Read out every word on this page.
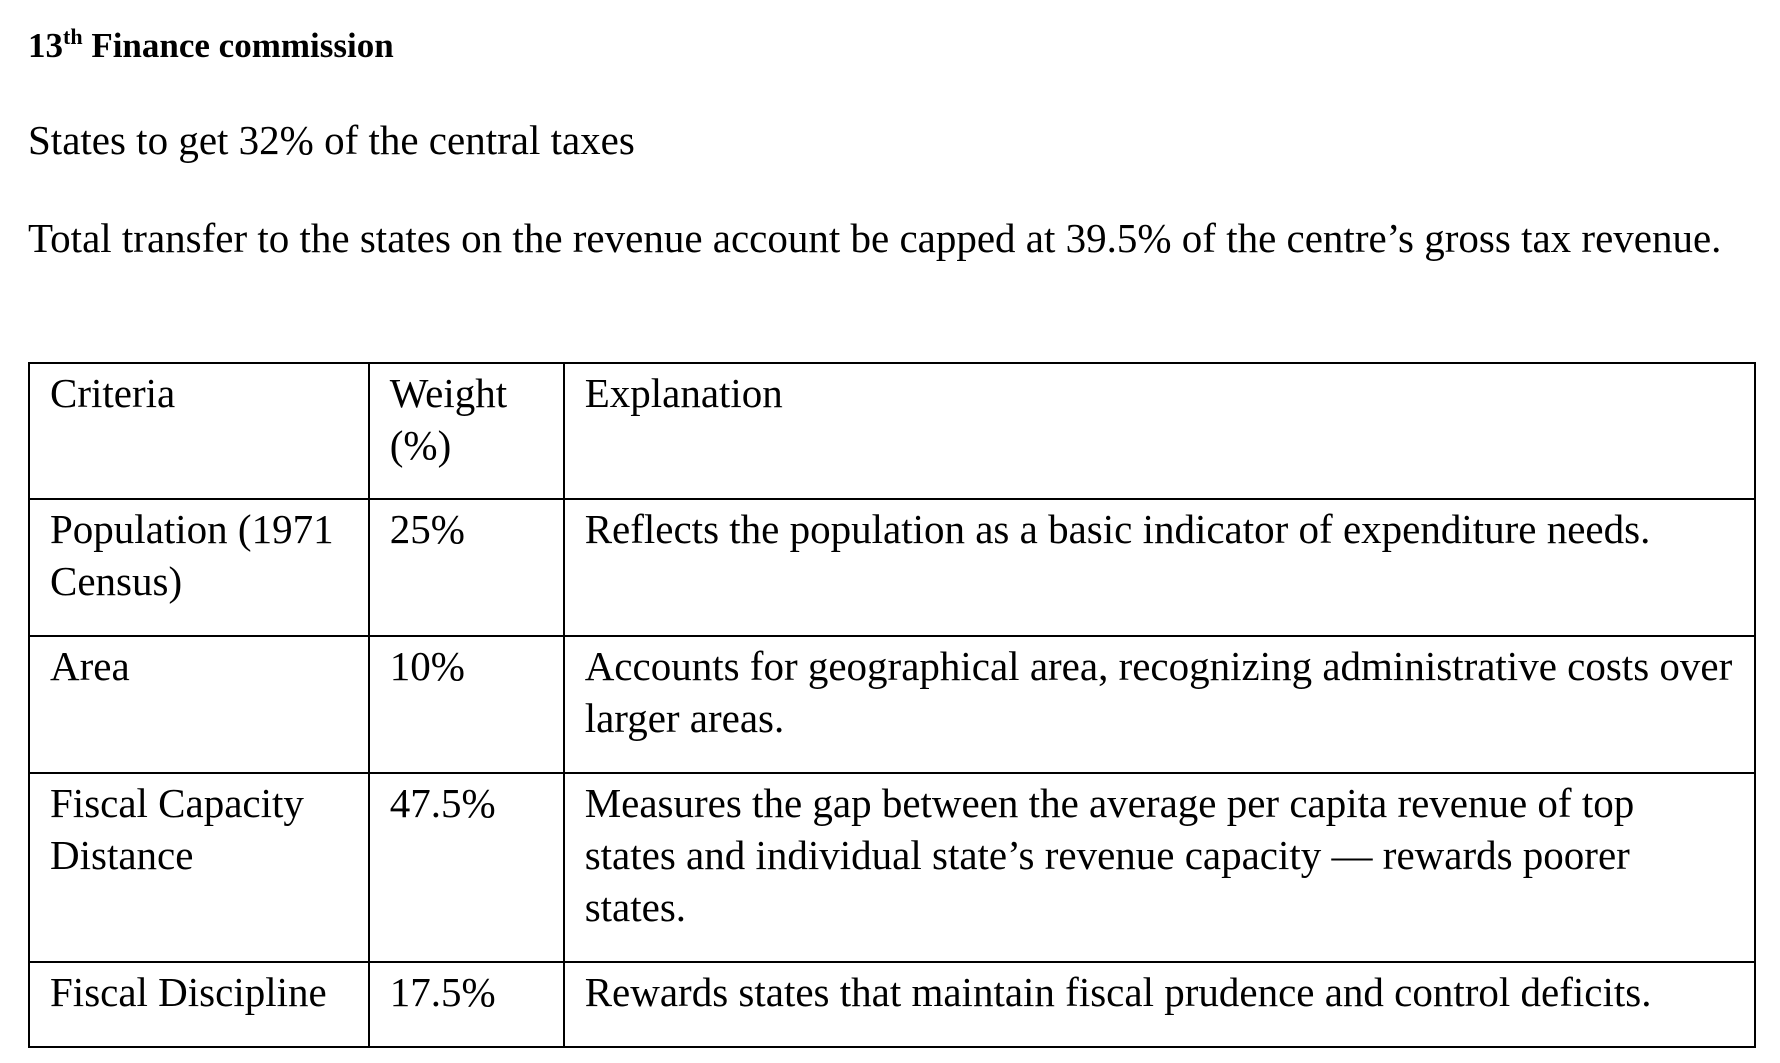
13th Finance commission
States to get 32% of the central taxes
Total transfer to the states on the revenue account be capped at 39.5% of the centre’s gross tax revenue.
Criteria	Weight (%)	Explanation
Population (1971 Census)	25%	Reflects the population as a basic indicator of expenditure needs.
Area	10%	Accounts for geographical area, recognizing administrative costs over larger areas.
Fiscal Capacity Distance	47.5%	Measures the gap between the average per capita revenue of top states and individual state’s revenue capacity — rewards poorer states.
Fiscal Discipline	17.5%	Rewards states that maintain fiscal prudence and control deficits.
